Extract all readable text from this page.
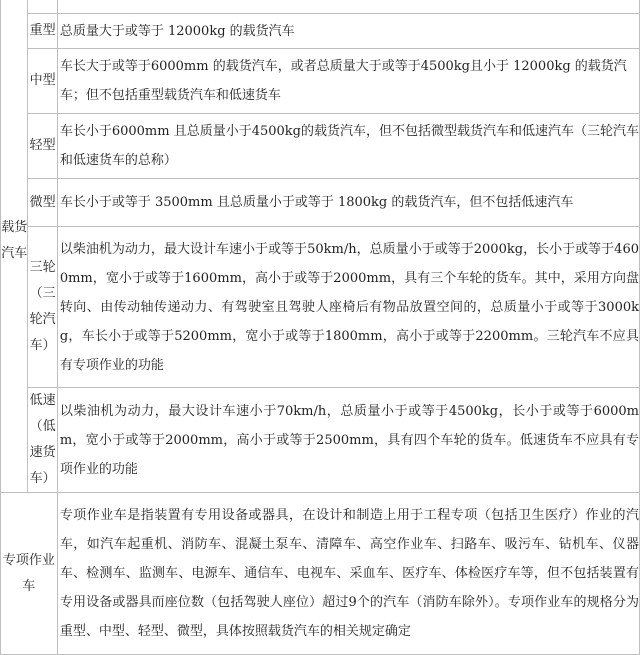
载货汽车		
	重型	总质量大于或等于 12000kg 的载货汽车
	中型	车长大于或等于6000mm 的载货汽车，或者总质量大于或等于4500kg且小于 12000kg 的载货汽
车；但不包括重型载货汽车和低速货车

	轻型	车长小于6000mm 且总质量小于4500kg的载货汽车，但不包括微型载货汽车和低速汽车（三轮汽车
和低速货车的总称）

	微型	车长小于或等于 3500mm 且总质量小于或等于 1800kg 的载货汽车，但不包括低速汽车

	三轮
（三轮汽车）	以柴油机为动力，最大设计车速小于或等于50km/h，总质量小于或等于2000kg，长小于或等于4600mm，宽小于或等于1600mm，高小于或等于2000mm，具有三个车轮的货车。其中，采用方向盘转向、由传动轴传递动力、有驾驶室且驾驶人座椅后有物品放置空间的，总质量小于或等于3000kg，车长小于或等于5200mm，宽小于或等于1800mm，高小于或等于2200mm。三轮汽车不应具有专项作业的功能

	低速
（低速货车）	以柴油机为动力，最大设计车速小于70km/h，总质量小于或等于4500kg，长小于或等于6000mm，宽小于或等于2000mm，高小于或等于2500mm，具有四个车轮的货车。低速货车不应具有专项作业的功能
专项作业车		专项作业车是指装置有专用设备或器具，在设计和制造上用于工程专项（包括卫生医疗）作业的汽车，如汽车起重机、消防车、混凝土泵车、清障车、高空作业车、扫路车、吸污车、钻机车、仪器车、检测车、监测车、电源车、通信车、电视车、采血车、医疗车、体检医疗车等，但不包括装置有专用设备或器具而座位数（包括驾驶人座位）超过9个的汽车（消防车除外）。专项作业车的规格分为重型、中型、轻型、微型，具体按照载货汽车的相关规定确定
